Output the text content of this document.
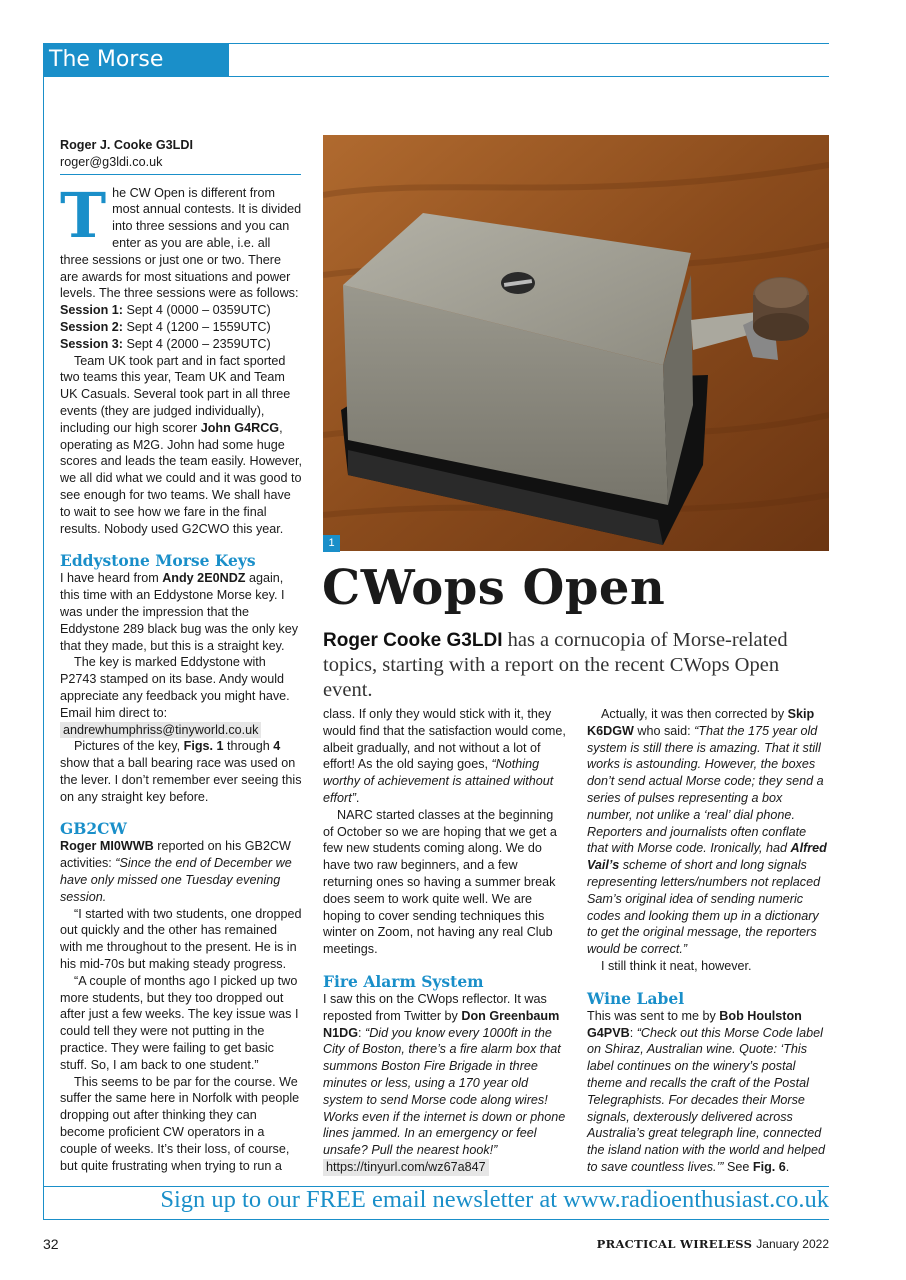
The Morse Mode

Roger J. Cooke G3LDI

roger@g3ldi.co.uk

The CW Open is different from most annual contests. It is divided into three sessions and you can enter as you are able, i.e. all three sessions or just one or two. There are awards for most situations and power levels. The three sessions were as follows:

Session 1: Sept 4 (0000 – 0359UTC)

Session 2: Sept 4 (1200 – 1559UTC)

Session 3: Sept 4 (2000 – 2359UTC)

Team UK took part and in fact sported two teams this year, Team UK and Team UK Casuals. Several took part in all three events (they are judged individually), including our high scorer John G4RCG, operating as M2G. John had some huge scores and leads the team easily. However, we all did what we could and it was good to see enough for two teams. We shall have to wait to see how we fare in the final results. Nobody used G2CWO this year.

Eddystone Morse Keys

I have heard from Andy 2E0NDZ again, this time with an Eddystone Morse key. I was under the impression that the Eddystone 289 black bug was the only key that they made, but this is a straight key.

The key is marked Eddystone with P2743 stamped on its base. Andy would appreciate any feedback you might have. Email him direct to:

andrewhumphriss@tinyworld.co.uk

Pictures of the key, Figs. 1 through 4 show that a ball bearing race was used on the lever. I don’t remember ever seeing this on any straight key before.

GB2CW

Roger MI0WWB reported on his GB2CW activities: “Since the end of December we have only missed one Tuesday evening session.

“I started with two students, one dropped out quickly and the other has remained with me throughout to the present. He is in his mid-70s but making steady progress.

“A couple of months ago I picked up two more students, but they too dropped out after just a few weeks. The key issue was I could tell they were not putting in the practice. They were failing to get basic stuff. So, I am back to one student.”

This seems to be par for the course. We suffer the same here in Norfolk with people dropping out after thinking they can become proficient CW operators in a couple of weeks. It’s their loss, of course, but quite frustrating when trying to run a

1
CWops Open
Roger Cooke G3LDI has a cornucopia of Morse-related topics, starting with a report on the recent CWops Open event.

class. If only they would stick with it, they would find that the satisfaction would come, albeit gradually, and not without a lot of effort! As the old saying goes, “Nothing worthy of achievement is attained without effort”.

NARC started classes at the beginning of October so we are hoping that we get a few new students coming along. We do have two raw beginners, and a few returning ones so having a summer break does seem to work quite well. We are hoping to cover sending techniques this winter on Zoom, not having any real Club meetings.

Fire Alarm System

I saw this on the CWops reflector. It was reposted from Twitter by Don Greenbaum N1DG: “Did you know every 1000ft in the City of Boston, there’s a fire alarm box that summons Boston Fire Brigade in three minutes or less, using a 170 year old system to send Morse code along wires! Works even if the internet is down or phone lines jammed. In an emergency or feel unsafe? Pull the nearest hook!”

https://tinyurl.com/wz67a847

Actually, it was then corrected by Skip K6DGW who said: “That the 175 year old system is still there is amazing. That it still works is astounding. However, the boxes don’t send actual Morse code; they send a series of pulses representing a box number, not unlike a ‘real’ dial phone. Reporters and journalists often conflate that with Morse code. Ironically, had Alfred Vail’s scheme of short and long signals representing letters/numbers not replaced Sam’s original idea of sending numeric codes and looking them up in a dictionary to get the original message, the reporters would be correct.”

I still think it neat, however.

Wine Label

This was sent to me by Bob Houlston G4PVB: “Check out this Morse Code label on Shiraz, Australian wine. Quote: ‘This label continues on the winery’s postal theme and recalls the craft of the Postal Telegraphists. For decades their Morse signals, dexterously delivered across Australia’s great telegraph line, connected the island nation with the world and helped to save countless lives.’” See Fig. 6.

Sign up to our FREE email newsletter at www.radioenthusiast.co.uk
32	PRACTICAL WIRELESS January 2022
